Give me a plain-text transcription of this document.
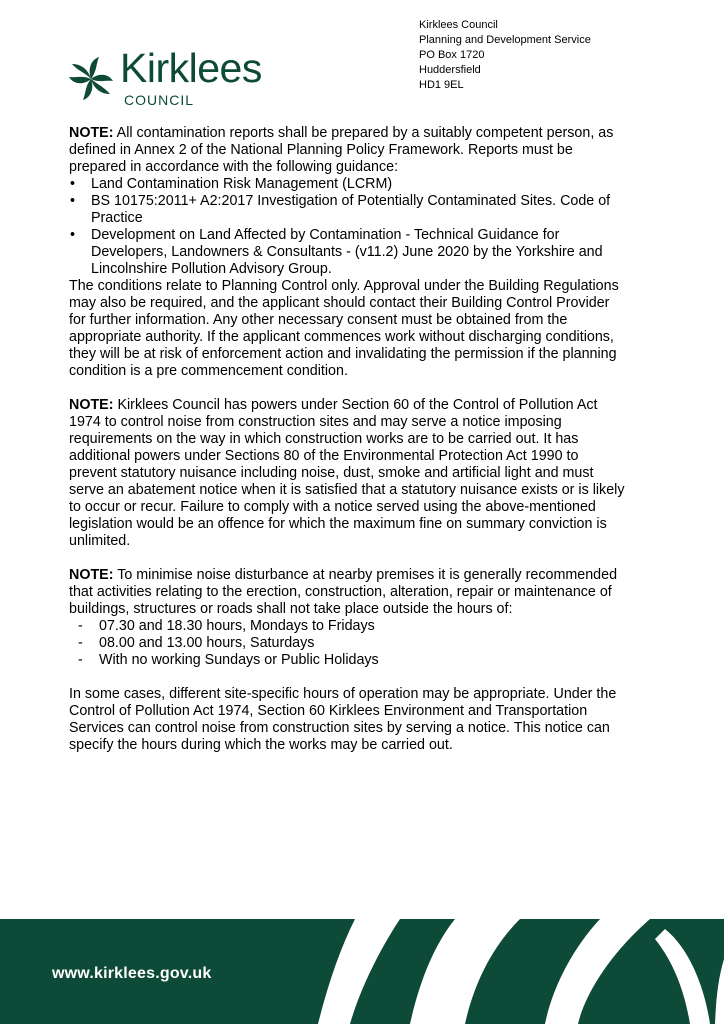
Kirklees
COUNCIL
Kirklees Council
Planning and Development Service
PO Box 1720
Huddersfield
HD1 9EL

NOTE: All contamination reports shall be prepared by a suitably competent person, as defined in Annex 2 of the National Planning Policy Framework. Reports must be prepared in accordance with the following guidance:

• Land Contamination Risk Management (LCRM)
• BS 10175:2011+ A2:2017 Investigation of Potentially Contaminated Sites. Code of Practice
• Development on Land Affected by Contamination - Technical Guidance for Developers, Landowners & Consultants - (v11.2) June 2020 by the Yorkshire and Lincolnshire Pollution Advisory Group.

The conditions relate to Planning Control only. Approval under the Building Regulations may also be required, and the applicant should contact their Building Control Provider for further information. Any other necessary consent must be obtained from the appropriate authority. If the applicant commences work without discharging conditions, they will be at risk of enforcement action and invalidating the permission if the planning condition is a pre commencement condition.

NOTE: Kirklees Council has powers under Section 60 of the Control of Pollution Act 1974 to control noise from construction sites and may serve a notice imposing requirements on the way in which construction works are to be carried out. It has additional powers under Sections 80 of the Environmental Protection Act 1990 to prevent statutory nuisance including noise, dust, smoke and artificial light and must serve an abatement notice when it is satisfied that a statutory nuisance exists or is likely to occur or recur. Failure to comply with a notice served using the above-mentioned legislation would be an offence for which the maximum fine on summary conviction is unlimited.

NOTE: To minimise noise disturbance at nearby premises it is generally recommended that activities relating to the erection, construction, alteration, repair or maintenance of buildings, structures or roads shall not take place outside the hours of:

- 07.30 and 18.30 hours, Mondays to Fridays
- 08.00 and 13.00 hours, Saturdays
- With no working Sundays or Public Holidays

In some cases, different site-specific hours of operation may be appropriate. Under the Control of Pollution Act 1974, Section 60 Kirklees Environment and Transportation Services can control noise from construction sites by serving a notice. This notice can specify the hours during which the works may be carried out.

www.kirklees.gov.uk
